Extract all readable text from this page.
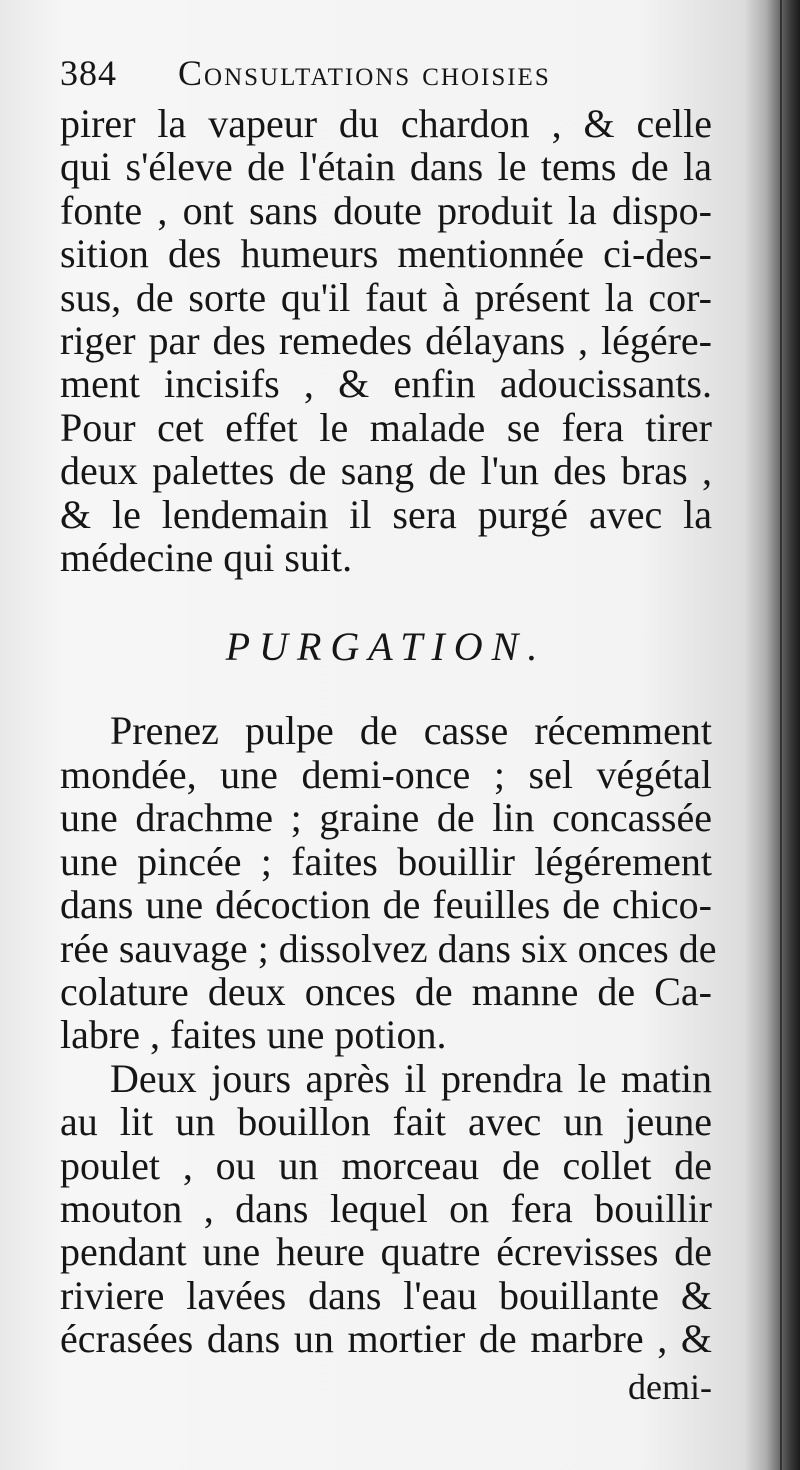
384	Consultations choisies
pirer la vapeur du chardon , & celle
qui s'éleve de l'étain dans le tems de la
fonte , ont sans doute produit la dispo-
sition des humeurs mentionnée ci-des-
sus, de sorte qu'il faut à présent la cor-
riger par des remedes délayans , légére-
ment incisifs , & enfin adoucissants.
Pour cet effet le malade se fera tirer
deux palettes de sang de l'un des bras ,
& le lendemain il sera purgé avec la
médecine qui suit.
PURGATION.
Prenez pulpe de casse récemment
mondée, une demi-once ; sel végétal
une drachme ; graine de lin concassée
une pincée ; faites bouillir légérement
dans une décoction de feuilles de chico-
rée sauvage ; dissolvez dans six onces de
colature deux onces de manne de Ca-
labre , faites une potion.
Deux jours après il prendra le matin
au lit un bouillon fait avec un jeune
poulet , ou un morceau de collet de
mouton , dans lequel on fera bouillir
pendant une heure quatre écrevisses de
riviere lavées dans l'eau bouillante &
écrasées dans un mortier de marbre , &
demi-
